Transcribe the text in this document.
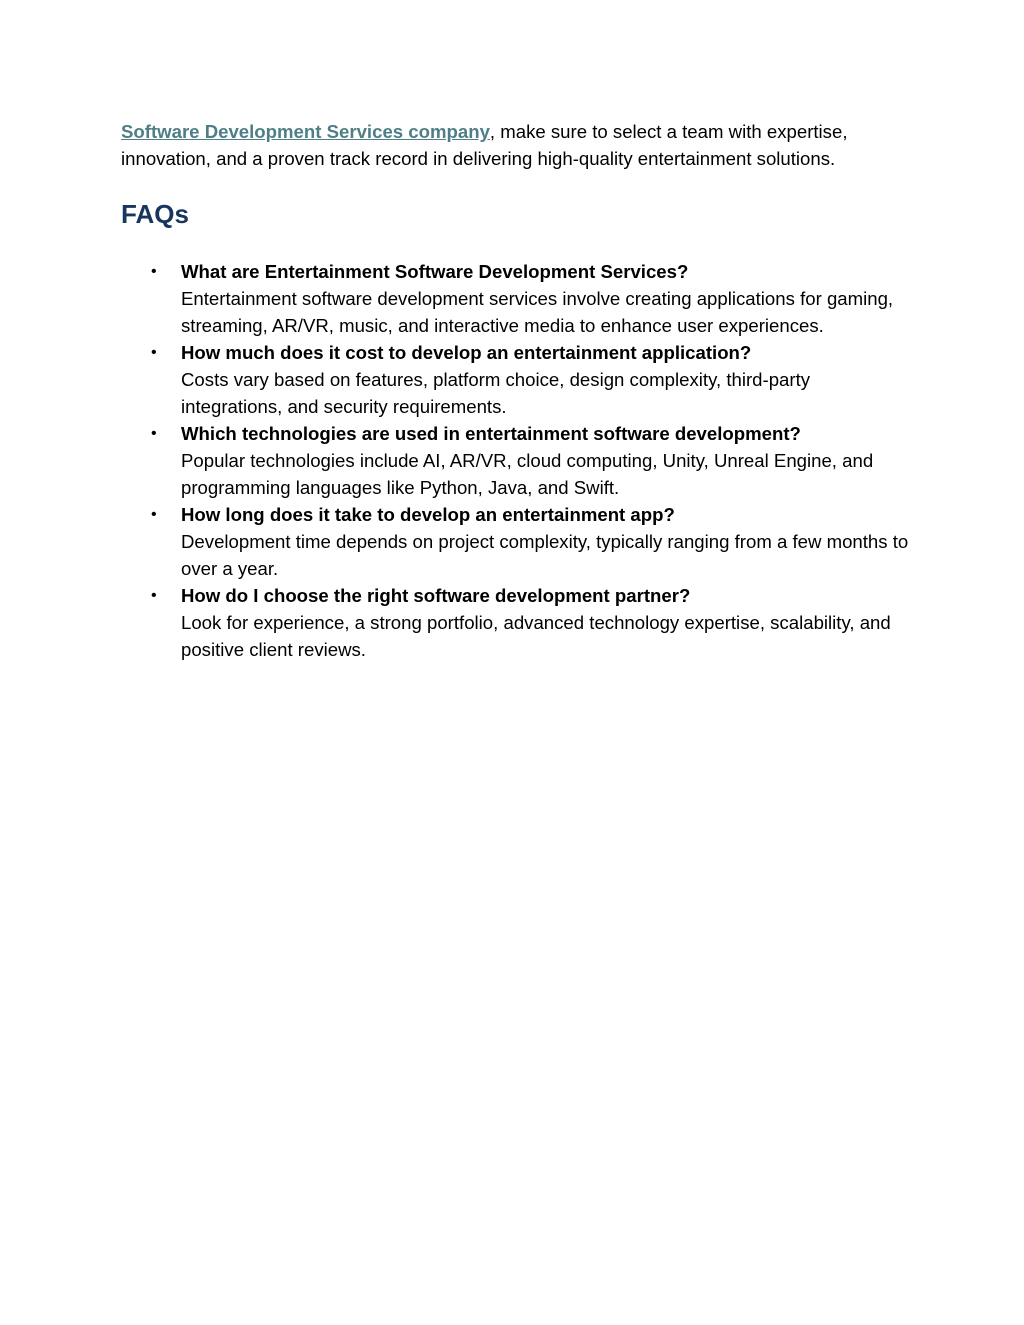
Software Development Services company, make sure to select a team with expertise, innovation, and a proven track record in delivering high-quality entertainment solutions.

FAQs
•	What are Entertainment Software Development Services?
Entertainment software development services involve creating applications for gaming, streaming, AR/VR, music, and interactive media to enhance user experiences.
•	How much does it cost to develop an entertainment application?
Costs vary based on features, platform choice, design complexity, third-party integrations, and security requirements.
•	Which technologies are used in entertainment software development?
Popular technologies include AI, AR/VR, cloud computing, Unity, Unreal Engine, and programming languages like Python, Java, and Swift.
•	How long does it take to develop an entertainment app?
Development time depends on project complexity, typically ranging from a few months to over a year.
•	How do I choose the right software development partner?
Look for experience, a strong portfolio, advanced technology expertise, scalability, and positive client reviews.
